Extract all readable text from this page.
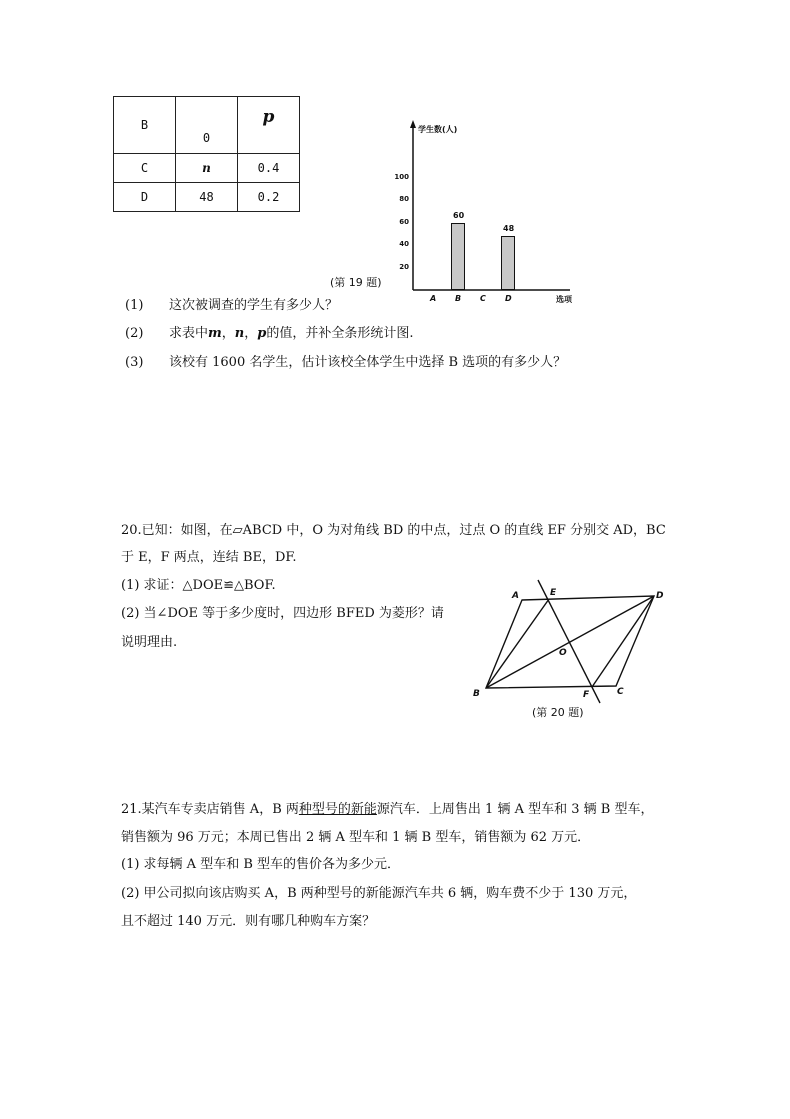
B	0	p
C	n	0.4
D	48	0.2
学生数(人)
选项
20
40
60
80
100
A B
60
C D
48
(第 19 题)
(1) 这次被调查的学生有多少人？
(2) 求表中m，n，p的值，并补全条形统计图.
(3) 该校有 1600 名学生，估计该校全体学生中选择 B 选项的有多少人？
20.已知：如图，在▱ABCD 中，O 为对角线 BD 的中点，过点 O 的直线 EF 分别交 AD，BC
于 E，F 两点，连结 BE，DF.
(1) 求证：△DOE≌△BOF.
(2) 当∠DOE 等于多少度时，四边形 BFED 为菱形？请
说明理由.
A	E	D
O
B	F	C
(第 20 题)
21.某汽车专卖店销售 A，B 两种型号的新能源汽车．上周售出 1 辆 A 型车和 3 辆 B 型车，
销售额为 96 万元；本周已售出 2 辆 A 型车和 1 辆 B 型车，销售额为 62 万元．
(1) 求每辆 A 型车和 B 型车的售价各为多少元．
(2) 甲公司拟向该店购买 A，B 两种型号的新能源汽车共 6 辆，购车费不少于 130 万元，
且不超过 140 万元．则有哪几种购车方案？
